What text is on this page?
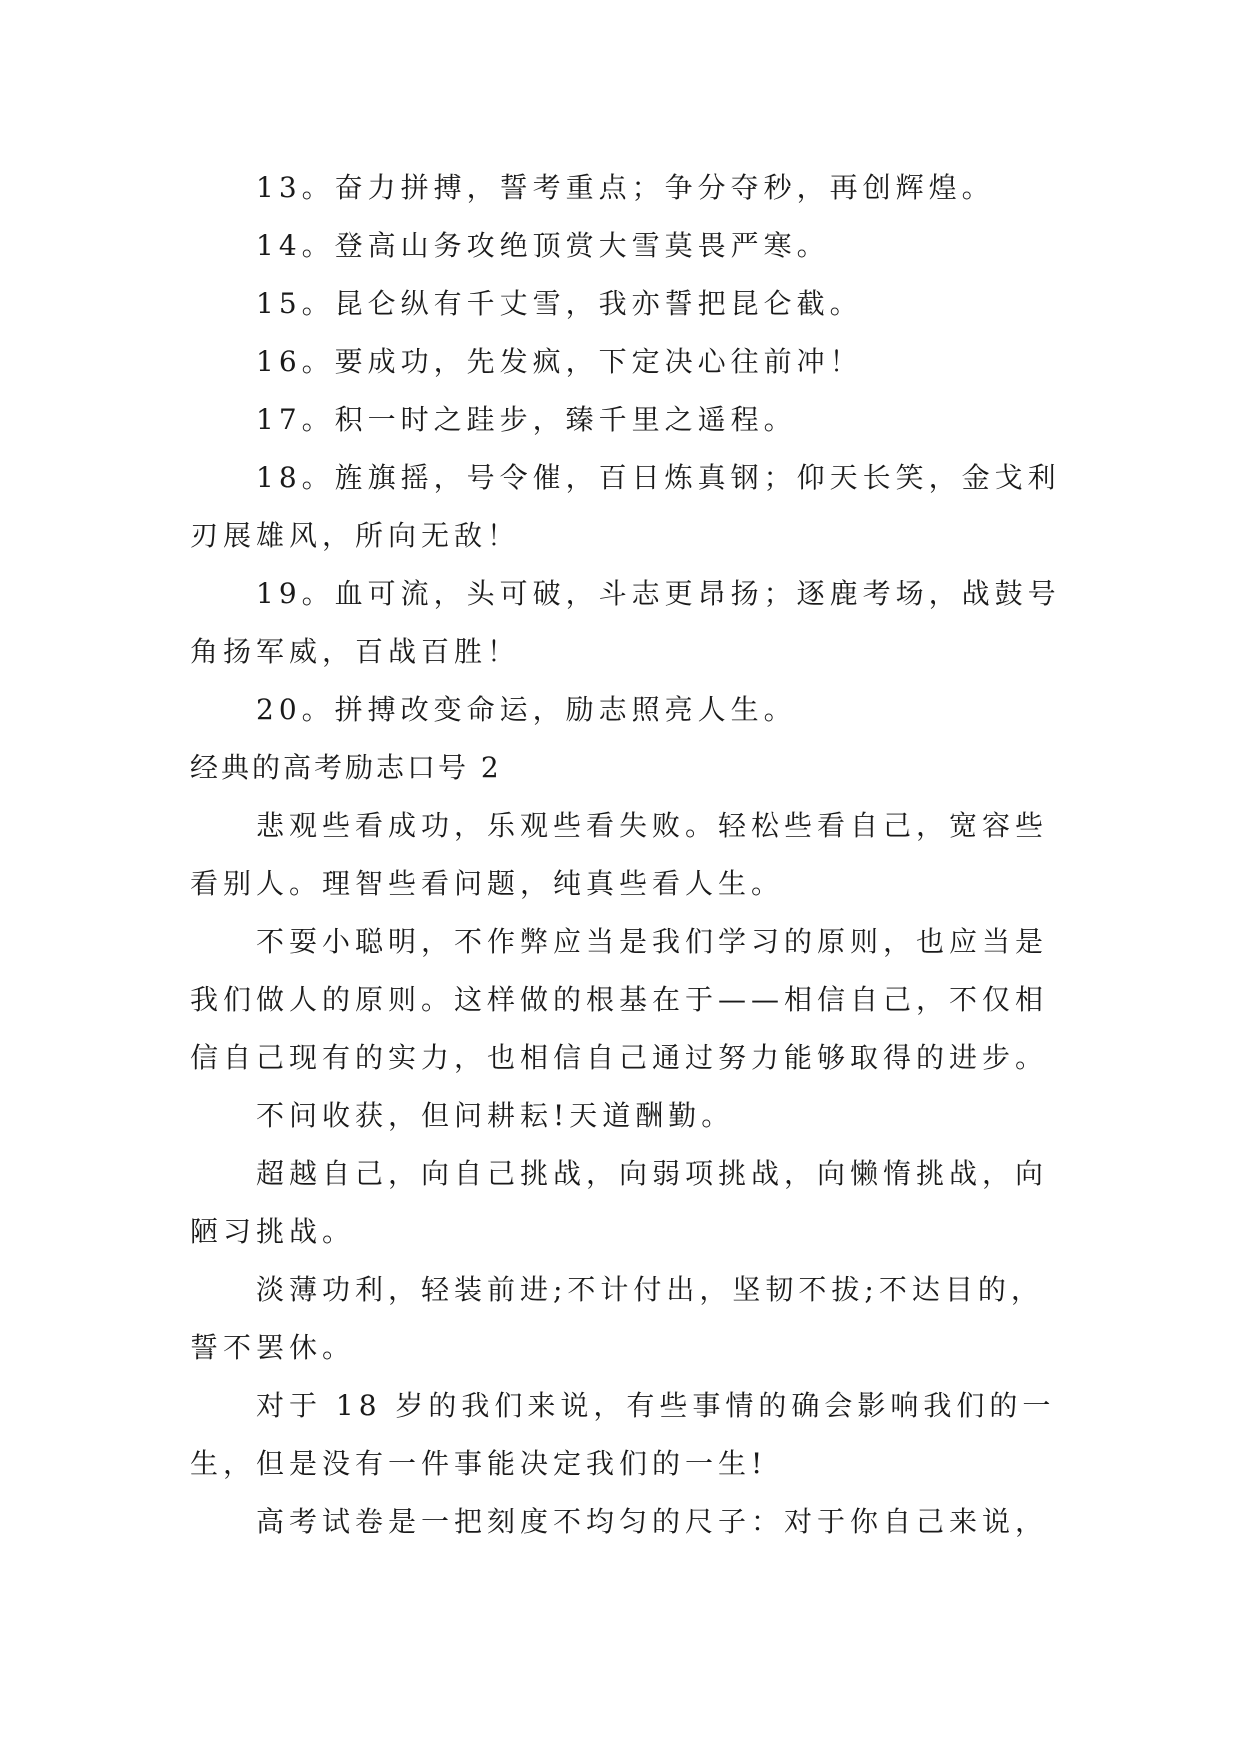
13。奋力拼搏，誓考重点；争分夺秒，再创辉煌。
14。登高山务攻绝顶赏大雪莫畏严寒。
15。昆仑纵有千丈雪，我亦誓把昆仑截。
16。要成功，先发疯，下定决心往前冲！
17。积一时之跬步，臻千里之遥程。
18。旌旗摇，号令催，百日炼真钢；仰天长笑，金戈利
刃展雄风，所向无敌！
19。血可流，头可破，斗志更昂扬；逐鹿考场，战鼓号
角扬军威，百战百胜！
20。拼搏改变命运，励志照亮人生。
经典的高考励志口号 2
悲观些看成功，乐观些看失败。轻松些看自己，宽容些
看别人。理智些看问题，纯真些看人生。
不耍小聪明，不作弊应当是我们学习的原则，也应当是
我们做人的原则。这样做的根基在于——相信自己，不仅相
信自己现有的实力，也相信自己通过努力能够取得的进步。
不问收获，但问耕耘!天道酬勤。
超越自己，向自己挑战，向弱项挑战，向懒惰挑战，向
陋习挑战。
淡薄功利，轻装前进;不计付出，坚韧不拔;不达目的，
誓不罢休。
对于 18 岁的我们来说，有些事情的确会影响我们的一
生，但是没有一件事能决定我们的一生!
高考试卷是一把刻度不均匀的尺子：对于你自己来说，
